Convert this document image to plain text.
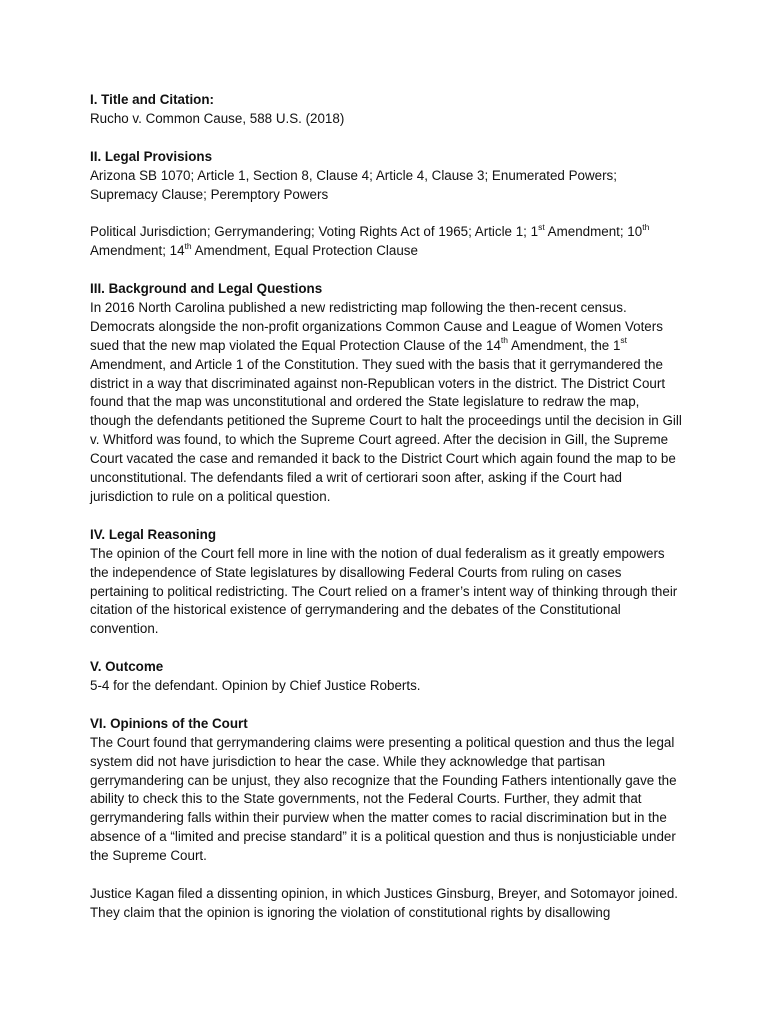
I. Title and Citation:

Rucho v. Common Cause, 588 U.S. (2018)

II. Legal Provisions

Arizona SB 1070; Article 1, Section 8, Clause 4; Article 4, Clause 3; Enumerated Powers; Supremacy Clause; Peremptory Powers

Political Jurisdiction; Gerrymandering; Voting Rights Act of 1965; Article 1; 1st Amendment; 10th Amendment; 14th Amendment, Equal Protection Clause

III. Background and Legal Questions

In 2016 North Carolina published a new redistricting map following the then-recent census. Democrats alongside the non-profit organizations Common Cause and League of Women Voters sued that the new map violated the Equal Protection Clause of the 14th Amendment, the 1st Amendment, and Article 1 of the Constitution. They sued with the basis that it gerrymandered the district in a way that discriminated against non-Republican voters in the district. The District Court found that the map was unconstitutional and ordered the State legislature to redraw the map, though the defendants petitioned the Supreme Court to halt the proceedings until the decision in Gill v. Whitford was found, to which the Supreme Court agreed. After the decision in Gill, the Supreme Court vacated the case and remanded it back to the District Court which again found the map to be unconstitutional. The defendants filed a writ of certiorari soon after, asking if the Court had jurisdiction to rule on a political question.

IV. Legal Reasoning

The opinion of the Court fell more in line with the notion of dual federalism as it greatly empowers the independence of State legislatures by disallowing Federal Courts from ruling on cases pertaining to political redistricting. The Court relied on a framer’s intent way of thinking through their citation of the historical existence of gerrymandering and the debates of the Constitutional convention.

V. Outcome

5-4 for the defendant. Opinion by Chief Justice Roberts.

VI. Opinions of the Court

The Court found that gerrymandering claims were presenting a political question and thus the legal system did not have jurisdiction to hear the case. While they acknowledge that partisan gerrymandering can be unjust, they also recognize that the Founding Fathers intentionally gave the ability to check this to the State governments, not the Federal Courts. Further, they admit that gerrymandering falls within their purview when the matter comes to racial discrimination but in the absence of a “limited and precise standard” it is a political question and thus is nonjusticiable under the Supreme Court.

Justice Kagan filed a dissenting opinion, in which Justices Ginsburg, Breyer, and Sotomayor joined. They claim that the opinion is ignoring the violation of constitutional rights by disallowing
